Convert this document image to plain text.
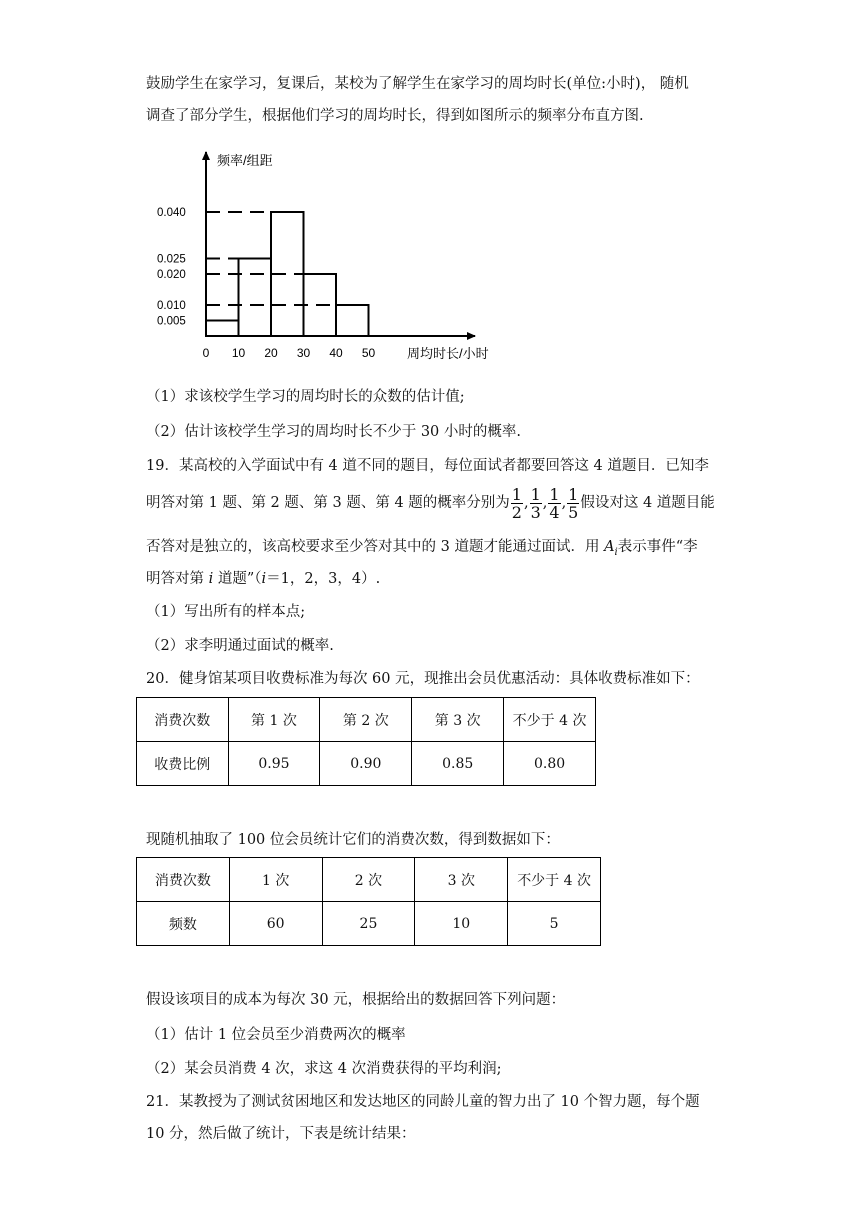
鼓励学生在家学习，复课后，某校为了解学生在家学习的周均时长(单位:小时)， 随机
调查了部分学生，根据他们学习的周均时长，得到如图所示的频率分布直方图.
0.005
0.010
0.020
0.025
0.040
0 10 20 30 40 50
频率/组距
周均时长/小时
（1）求该校学生学习的周均时长的众数的估计值;
（2）估计该校学生学习的周均时长不少于 30 小时的概率.
19．某高校的入学面试中有 4 道不同的题目，每位面试者都要回答这 4 道题目．已知李
明答对第 1 题、第 2 题、第 3 题、第 4 题的概率分别为 $\frac{1}{2}$ , $\frac{1}{3}$ , $\frac{1}{4}$ , $\frac{1}{5}$ 假设对这 4 道题目能
否答对是独立的，该高校要求至少答对其中的 3 道题才能通过面试．用 $A_i$表示事件“李
明答对第 i 道题”（i＝1，2，3，4）.
（1）写出所有的样本点;
（2）求李明通过面试的概率.
20．健身馆某项目收费标准为每次 60 元，现推出会员优惠活动：具体收费标准如下：
消费次数	第 1 次	第 2 次	第 3 次	不少于 4 次
收费比例	0.95	0.90	0.85	0.80
现随机抽取了 100 位会员统计它们的消费次数，得到数据如下：
消费次数	1 次	2 次	3 次	不少于 4 次
频数	60	25	10	5
假设该项目的成本为每次 30 元，根据给出的数据回答下列问题：
（1）估计 1 位会员至少消费两次的概率
（2）某会员消费 4 次，求这 4 次消费获得的平均利润;
21．某教授为了测试贫困地区和发达地区的同龄儿童的智力出了 10 个智力题，每个题
10 分，然后做了统计，下表是统计结果：
